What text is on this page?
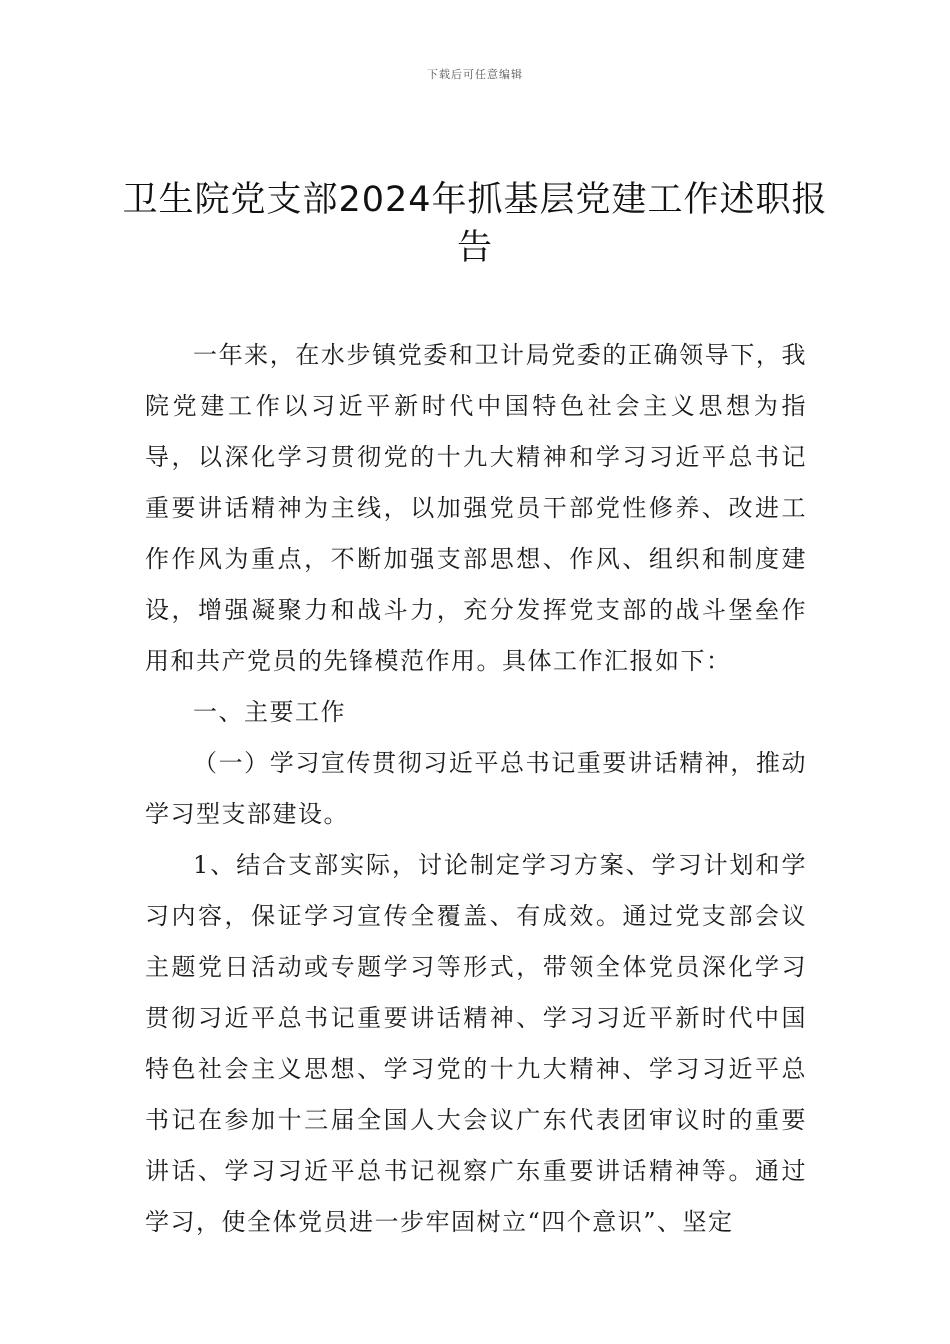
下载后可任意编辑
卫生院党支部2024年抓基层党建工作述职报告

一年来，在水步镇党委和卫计局党委的正确领导下，我院党建工作以习近平新时代中国特色社会主义思想为指导，以深化学习贯彻党的十九大精神和学习习近平总书记重要讲话精神为主线，以加强党员干部党性修养、改进工作作风为重点，不断加强支部思想、作风、组织和制度建设，增强凝聚力和战斗力，充分发挥党支部的战斗堡垒作用和共产党员的先锋模范作用。具体工作汇报如下：

一、主要工作

（一）学习宣传贯彻习近平总书记重要讲话精神，推动学习型支部建设。

1、结合支部实际，讨论制定学习方案、学习计划和学习内容，保证学习宣传全覆盖、有成效。通过党支部会议主题党日活动或专题学习等形式，带领全体党员深化学习贯彻习近平总书记重要讲话精神、学习习近平新时代中国特色社会主义思想、学习党的十九大精神、学习习近平总书记在参加十三届全国人大会议广东代表团审议时的重要讲话、学习习近平总书记视察广东重要讲话精神等。通过学习，使全体党员进一步牢固树立“四个意识”、坚定
